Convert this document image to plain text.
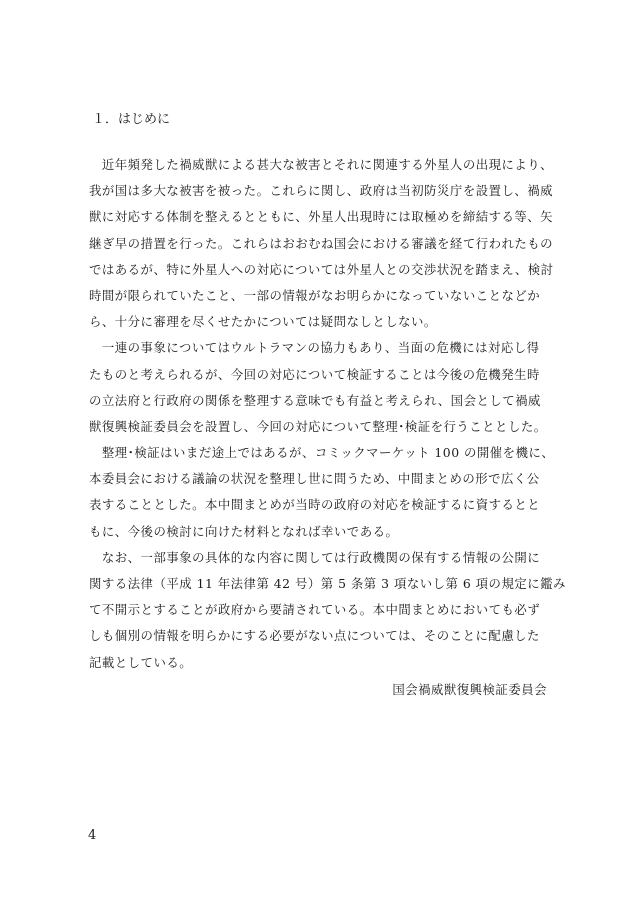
１．はじめに
　近年頻発した禍威獣による甚大な被害とそれに関連する外星人の出現により、
我が国は多大な被害を被った。これらに関し、政府は当初防災庁を設置し、禍威
獣に対応する体制を整えるとともに、外星人出現時には取極めを締結する等、矢
継ぎ早の措置を行った。これらはおおむね国会における審議を経て行われたもの
ではあるが、特に外星人への対応については外星人との交渉状況を踏まえ、検討
時間が限られていたこと、一部の情報がなお明らかになっていないことなどか
ら、十分に審理を尽くせたかについては疑問なしとしない。
　一連の事象についてはウルトラマンの協力もあり、当面の危機には対応し得
たものと考えられるが、今回の対応について検証することは今後の危機発生時
の立法府と行政府の関係を整理する意味でも有益と考えられ、国会として禍威
獣復興検証委員会を設置し、今回の対応について整理･検証を行うこととした。
　整理･検証はいまだ途上ではあるが、コミックマーケット 100 の開催を機に、
本委員会における議論の状況を整理し世に問うため、中間まとめの形で広く公
表することとした。本中間まとめが当時の政府の対応を検証するに資するとと
もに、今後の検討に向けた材料となれば幸いである。
　なお、一部事象の具体的な内容に関しては行政機関の保有する情報の公開に
関する法律（平成 11 年法律第 42 号）第 5 条第 3 項ないし第 6 項の規定に鑑み
て不開示とすることが政府から要請されている。本中間まとめにおいても必ず
しも個別の情報を明らかにする必要がない点については、そのことに配慮した
記載としている。
国会禍威獣復興検証委員会
4
